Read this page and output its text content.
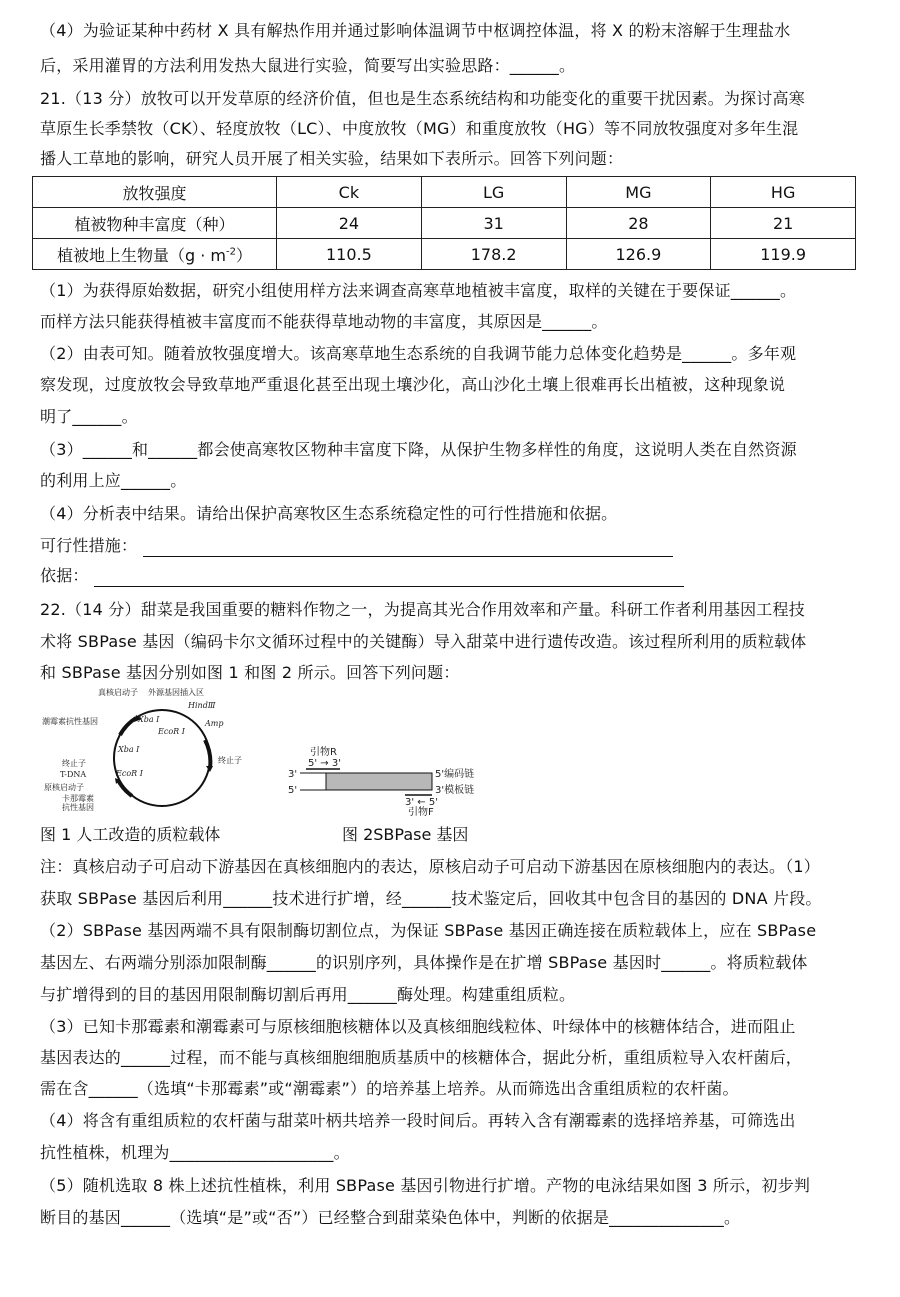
（4）为验证某种中药材 X 具有解热作用并通过影响体温调节中枢调控体温，将 X 的粉末溶解于生理盐水
后，采用灌胃的方法利用发热大鼠进行实验，简要写出实验思路：______。
21.（13 分）放牧可以开发草原的经济价值，但也是生态系统结构和功能变化的重要干扰因素。为探讨高寒
草原生长季禁牧（CK）、轻度放牧（LC）、中度放牧（MG）和重度放牧（HG）等不同放牧强度对多年生混
播人工草地的影响，研究人员开展了相关实验，结果如下表所示。回答下列问题：
放牧强度	Ck	LG	MG	HG
植被物种丰富度（种）	24	31	28	21
植被地上生物量$(g \cdot m^{-2})$	110.5	178.2	126.9	119.9
（1）为获得原始数据，研究小组使用样方法来调查高寒草地植被丰富度，取样的关键在于要保证______。
而样方法只能获得植被丰富度而不能获得草地动物的丰富度，其原因是______。
（2）由表可知。随着放牧强度增大。该高寒草地生态系统的自我调节能力总体变化趋势是______。多年观
察发现，过度放牧会导致草地严重退化甚至出现土壤沙化，高山沙化土壤上很难再长出植被，这种现象说
明了______。
（3）______和______都会使高寒牧区物种丰富度下降，从保护生物多样性的角度，这说明人类在自然资源
的利用上应______。
（4）分析表中结果。请给出保护高寒牧区生态系统稳定性的可行性措施和依据。
可行性措施：
依据：
22.（14 分）甜菜是我国重要的糖料作物之一，为提高其光合作用效率和产量。科研工作者利用基因工程技
术将 SBPase 基因（编码卡尔文循环过程中的关键酶）导入甜菜中进行遗传改造。该过程所利用的质粒载体
和 SBPase 基因分别如图 1 和图 2 所示。回答下列问题：
真核启动子 外源基因插入区
HindⅢ
潮霉素抗性基因	Xba Ⅰ
EcoR Ⅰ
Xba Ⅰ
Amp
终止子
终止子
T-DNA
原核启动子
EcoR Ⅰ
卡那霉素
抗性基因
引物R
5' → 3'
3'
5'
5'编码链
3'模板链
3' ← 5'
引物F
图 1 人工改造的质粒载体	图 2SBPase 基因
注：真核启动子可启动下游基因在真核细胞内的表达，原核启动子可启动下游基因在原核细胞内的表达。（1）
获取 SBPase 基因后利用______技术进行扩增，经______技术鉴定后，回收其中包含目的基因的 DNA 片段。
（2）SBPase 基因两端不具有限制酶切割位点，为保证 SBPase 基因正确连接在质粒载体上，应在 SBPase
基因左、右两端分别添加限制酶______的识别序列，具体操作是在扩增 SBPase 基因时______。将质粒载体
与扩增得到的目的基因用限制酶切割后再用______酶处理。构建重组质粒。
（3）已知卡那霉素和潮霉素可与原核细胞核糖体以及真核细胞线粒体、叶绿体中的核糖体结合，进而阻止
基因表达的______过程，而不能与真核细胞细胞质基质中的核糖体合，据此分析，重组质粒导入农杆菌后，
需在含______（选填“卡那霉素”或“潮霉素”）的培养基上培养。从而筛选出含重组质粒的农杆菌。
（4）将含有重组质粒的农杆菌与甜菜叶柄共培养一段时间后。再转入含有潮霉素的选择培养基，可筛选出
抗性植株，机理为____________________。
（5）随机选取 8 株上述抗性植株，利用 SBPase 基因引物进行扩增。产物的电泳结果如图 3 所示，初步判
断目的基因______（选填“是”或“否”）已经整合到甜菜染色体中，判断的依据是______________。
